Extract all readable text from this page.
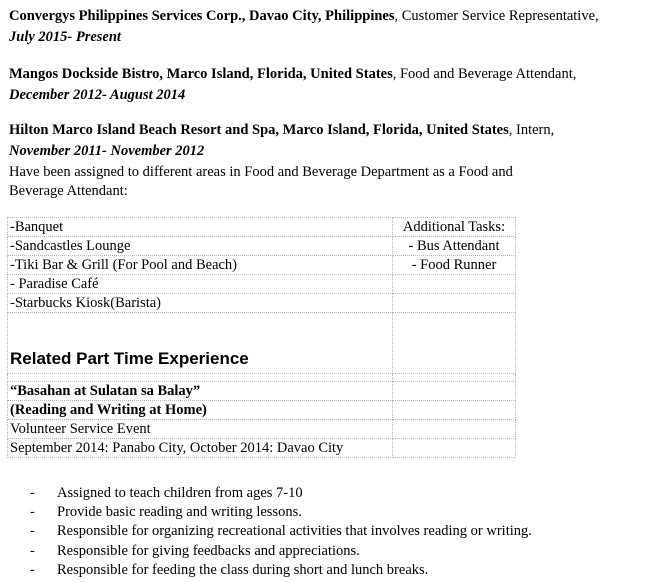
Convergys Philippines Services Corp., Davao City, Philippines, Customer Service Representative,
July 2015- Present
Mangos Dockside Bistro, Marco Island, Florida, United States, Food and Beverage Attendant,
December 2012- August 2014
Hilton Marco Island Beach Resort and Spa, Marco Island, Florida, United States, Intern,
November 2011- November 2012
Have been assigned to different areas in Food and Beverage Department as a Food and
Beverage Attendant:
-Banquet	Additional Tasks:
-Sandcastles Lounge	- Bus Attendant
-Tiki Bar & Grill (For Pool and Beach)	- Food Runner
- Paradise Café	
-Starbucks Kiosk(Barista)	
Related Part Time Experience	

“Basahan at Sulatan sa Balay”	
(Reading and Writing at Home)	
Volunteer Service Event	
September 2014: Panabo City, October 2014: Davao City	
-	Assigned to teach children from ages 7-10
-	Provide basic reading and writing lessons.
-	Responsible for organizing recreational activities that involves reading or writing.
-	Responsible for giving feedbacks and appreciations.
-	Responsible for feeding the class during short and lunch breaks.
